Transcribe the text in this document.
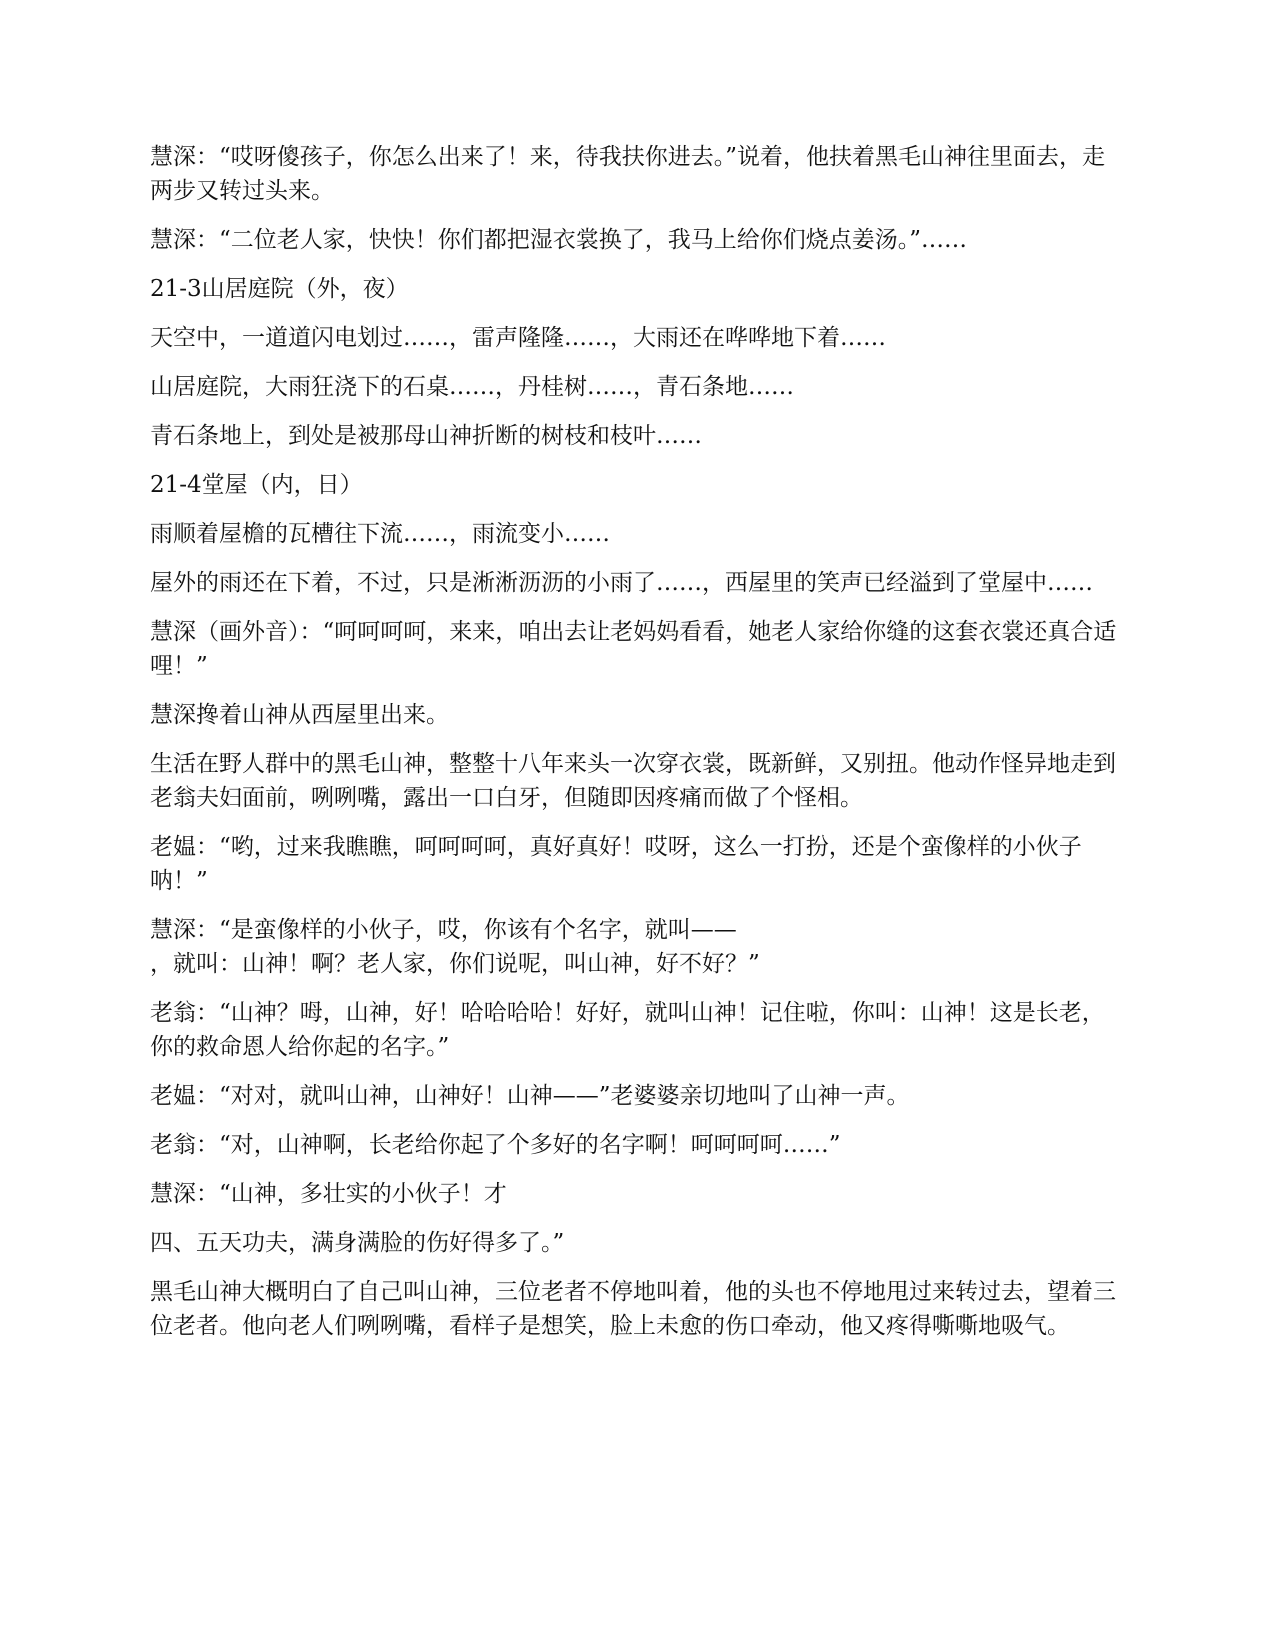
慧深：“哎呀傻孩子，你怎么出来了！来，待我扶你进去。”说着，他扶着黑毛山神往里面去，走两步又转过头来。

慧深：“二位老人家，快快！你们都把湿衣裳换了，我马上给你们烧点姜汤。”……

21-3山居庭院（外，夜）

天空中，一道道闪电划过……，雷声隆隆……，大雨还在哗哗地下着……

山居庭院，大雨狂浇下的石桌……，丹桂树……，青石条地……

青石条地上，到处是被那母山神折断的树枝和枝叶……

21-4堂屋（内，日）

雨顺着屋檐的瓦槽往下流……，雨流变小……

屋外的雨还在下着，不过，只是淅淅沥沥的小雨了……，西屋里的笑声已经溢到了堂屋中……

慧深（画外音）：“呵呵呵呵，来来，咱出去让老妈妈看看，她老人家给你缝的这套衣裳还真合适哩！”

慧深搀着山神从西屋里出来。

生活在野人群中的黑毛山神，整整十八年来头一次穿衣裳，既新鲜，又别扭。他动作怪异地走到老翁夫妇面前，咧咧嘴，露出一口白牙，但随即因疼痛而做了个怪相。

老媪：“哟，过来我瞧瞧，呵呵呵呵，真好真好！哎呀，这么一打扮，还是个蛮像样的小伙子呐！”

慧深：“是蛮像样的小伙子，哎，你该有个名字，就叫——
，就叫：山神！啊？老人家，你们说呢，叫山神，好不好？”

老翁：“山神？呣，山神，好！哈哈哈哈！好好，就叫山神！记住啦，你叫：山神！这是长老，你的救命恩人给你起的名字。”

老媪：“对对，就叫山神，山神好！山神——”老婆婆亲切地叫了山神一声。

老翁：“对，山神啊，长老给你起了个多好的名字啊！呵呵呵呵……”

慧深：“山神，多壮实的小伙子！才

四、五天功夫，满身满脸的伤好得多了。”

黑毛山神大概明白了自己叫山神，三位老者不停地叫着，他的头也不停地甩过来转过去，望着三位老者。他向老人们咧咧嘴，看样子是想笑，脸上未愈的伤口牵动，他又疼得嘶嘶地吸气。
